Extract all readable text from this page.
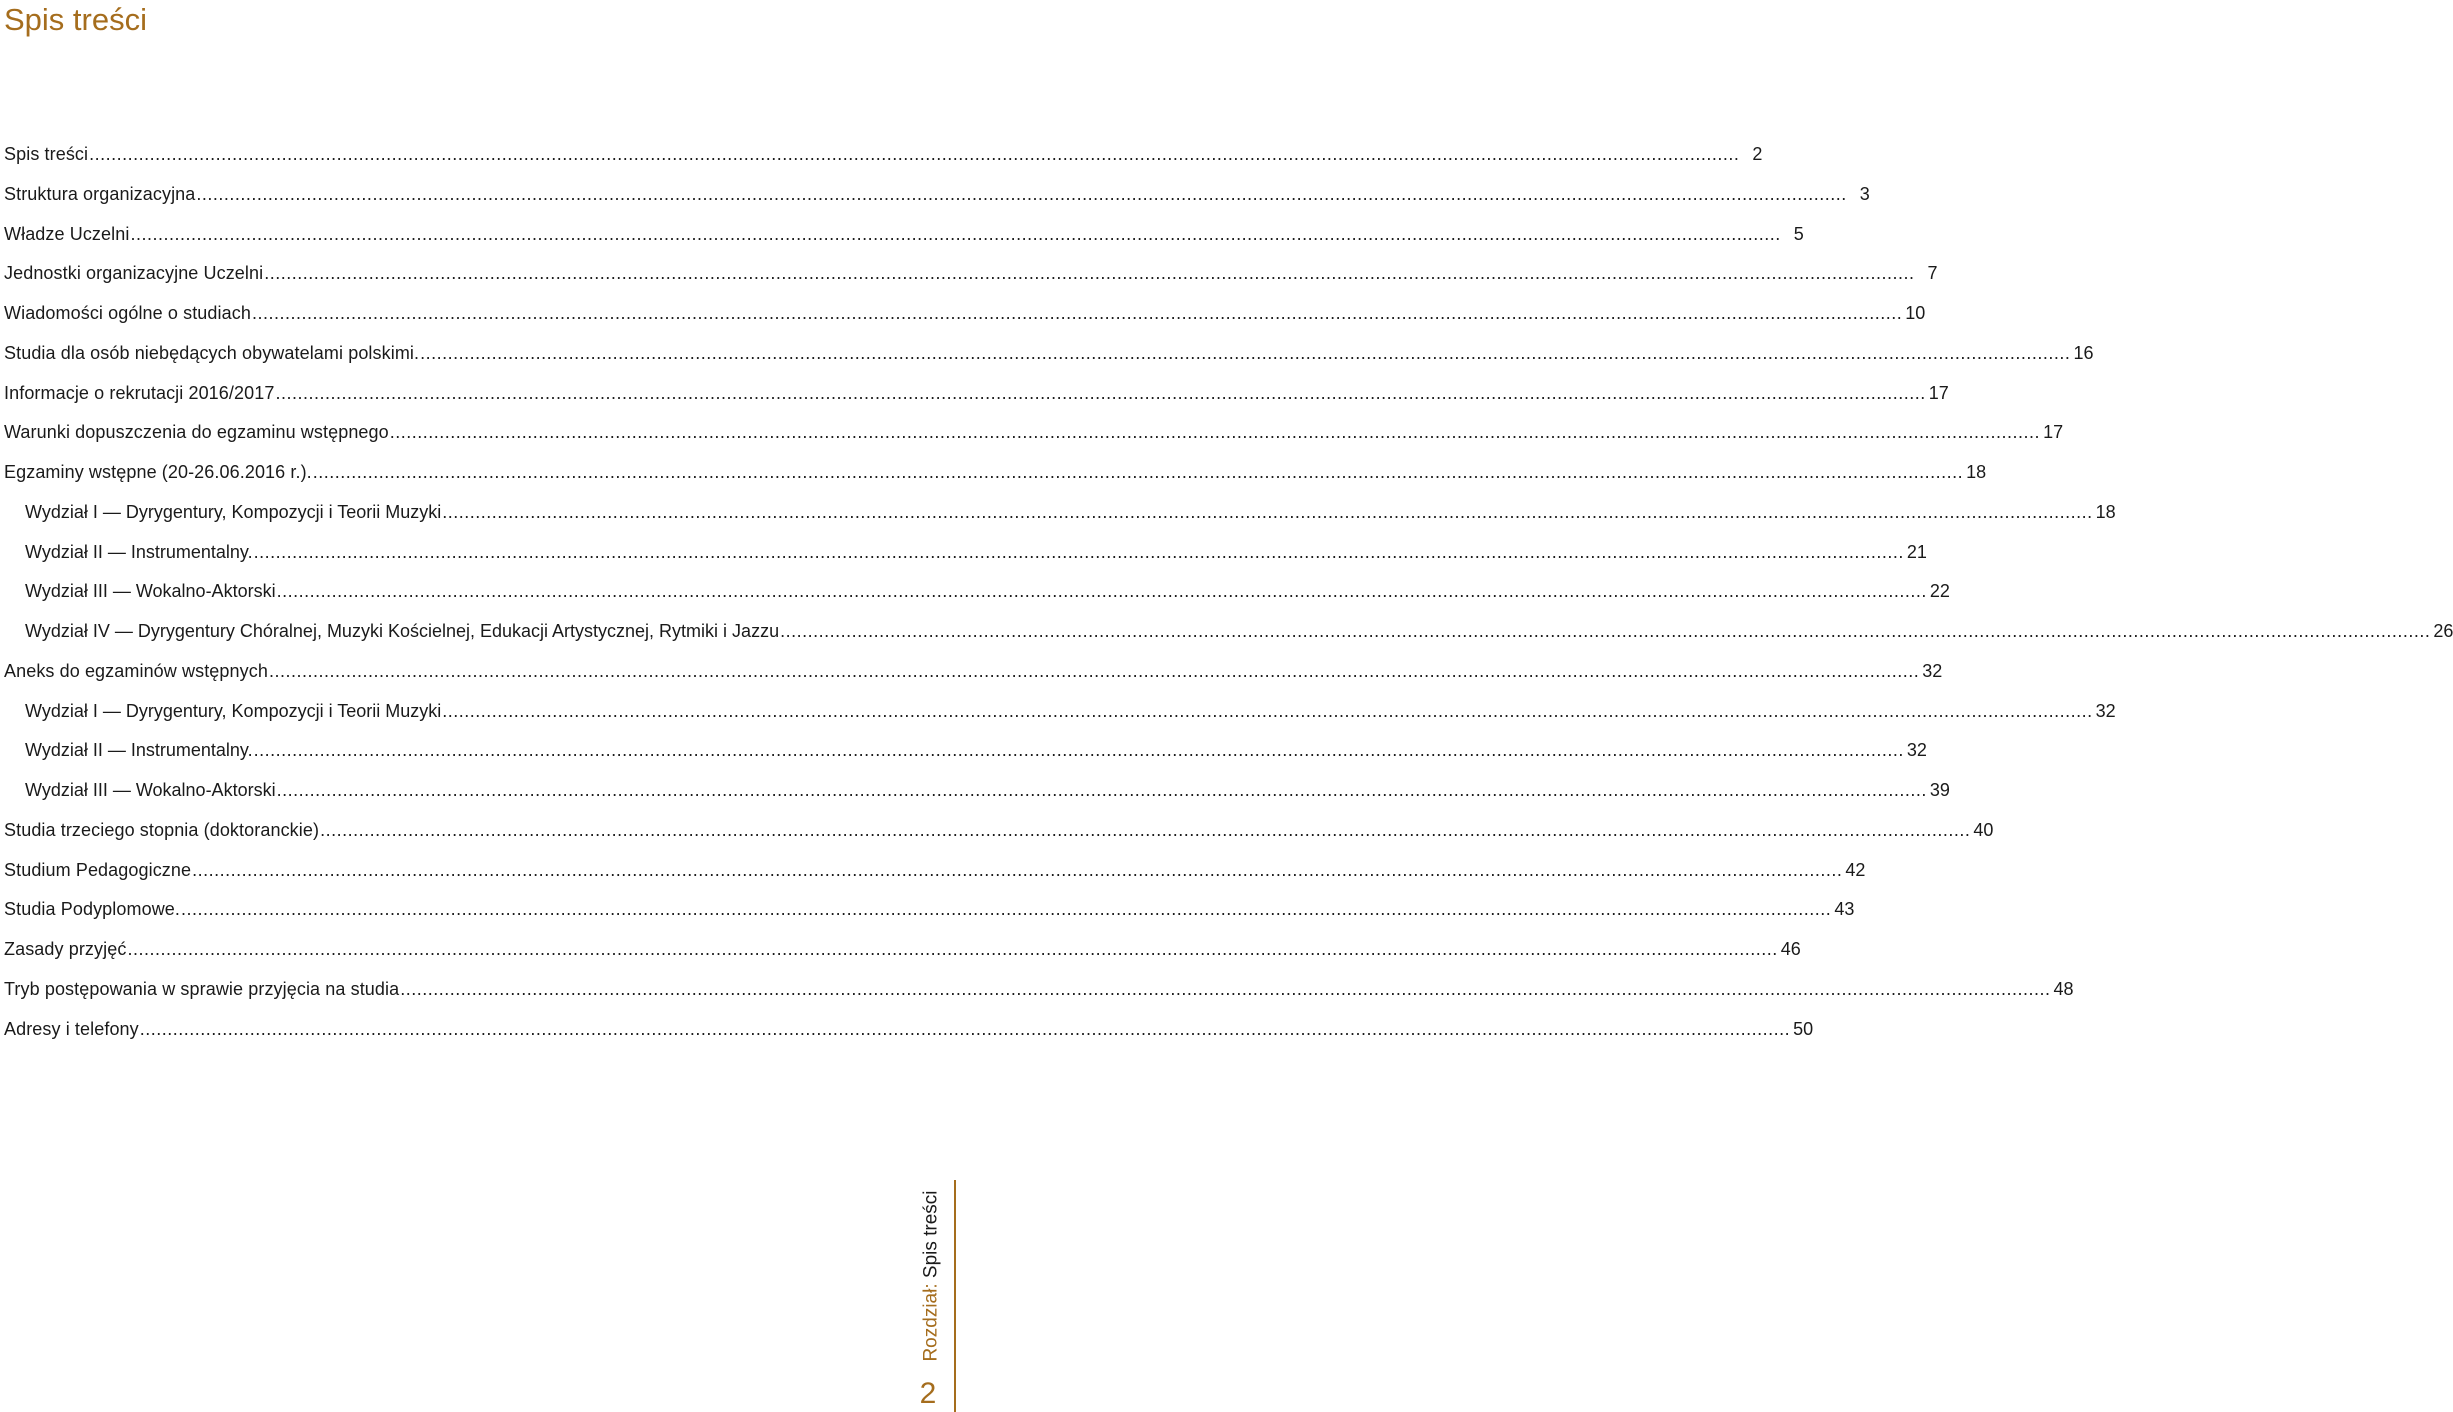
Spis treści
Spis treści ............................................................................................................................................................................................................................................................................................................ 2
Struktura organizacyjna ............................................................................................................................................................................................................................................................................................................ 3
Władze Uczelni ............................................................................................................................................................................................................................................................................................................ 5
Jednostki organizacyjne Uczelni ............................................................................................................................................................................................................................................................................................................ 7
Wiadomości ogólne o studiach ............................................................................................................................................................................................................................................................................................................ 10
Studia dla osób niebędących obywatelami polskimi. ............................................................................................................................................................................................................................................................................................................ 16
Informacje o rekrutacji 2016/2017 ............................................................................................................................................................................................................................................................................................................ 17
Warunki dopuszczenia do egzaminu wstępnego ............................................................................................................................................................................................................................................................................................................ 17
Egzaminy wstępne (20-26.06.2016 r.). ............................................................................................................................................................................................................................................................................................................ 18
Wydział I — Dyrygentury, Kompozycji i Teorii Muzyki ............................................................................................................................................................................................................................................................................................................ 18
Wydział II — Instrumentalny. ............................................................................................................................................................................................................................................................................................................ 21
Wydział III — Wokalno-Aktorski ............................................................................................................................................................................................................................................................................................................ 22
Wydział IV — Dyrygentury Chóralnej, Muzyki Kościelnej, Edukacji Artystycznej, Rytmiki i Jazzu ............................................................................................................................................................................................................................................................................................................ 26
Aneks do egzaminów wstępnych ............................................................................................................................................................................................................................................................................................................ 32
Wydział I — Dyrygentury, Kompozycji i Teorii Muzyki ............................................................................................................................................................................................................................................................................................................ 32
Wydział II — Instrumentalny. ............................................................................................................................................................................................................................................................................................................ 32
Wydział III — Wokalno-Aktorski ............................................................................................................................................................................................................................................................................................................ 39
Studia trzeciego stopnia (doktoranckie) ............................................................................................................................................................................................................................................................................................................ 40
Studium Pedagogiczne ............................................................................................................................................................................................................................................................................................................ 42
Studia Podyplomowe. ............................................................................................................................................................................................................................................................................................................ 43
Zasady przyjęć ............................................................................................................................................................................................................................................................................................................ 46
Tryb postępowania w sprawie przyjęcia na studia ............................................................................................................................................................................................................................................................................................................ 48
Adresy i telefony ............................................................................................................................................................................................................................................................................................................ 50
Rozdział: Spis treści
2
